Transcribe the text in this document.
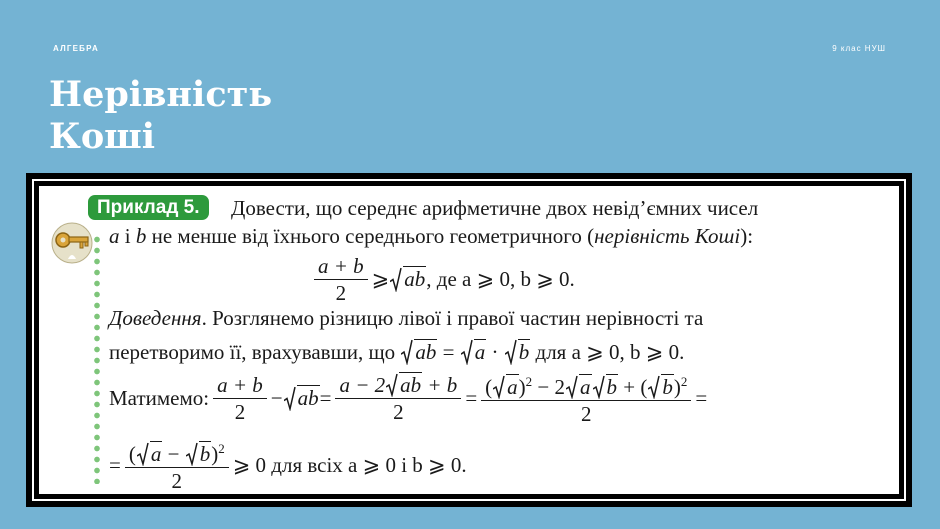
АЛГЕБРА	9 клас НУШ
Нерівність
Коші
Приклад 5.	Довести, що середнє арифметичне двох невід’ємних чисел
a і b не менше від їхнього середнього геометричного (нерівність Коші):
$\frac{a + b}{2}$ ⩾ ab , де a ⩾ 0, b ⩾ 0.
Доведення. Розглянемо різницю лівої і правої частин нерівності та
перетворимо її, врахувавши, що ab = a · b для a ⩾ 0, b ⩾ 0.
Матимемо: $\frac{a + b}{2}$ − ab = $\frac{a - 2 ab + b}{2} = \frac{( a)^2 - 2 a b + ( b)^2}{2}$ =
= $\frac{( a - b)^2}{2}$ ⩾ 0 для всіх a ⩾ 0 і b ⩾ 0.
